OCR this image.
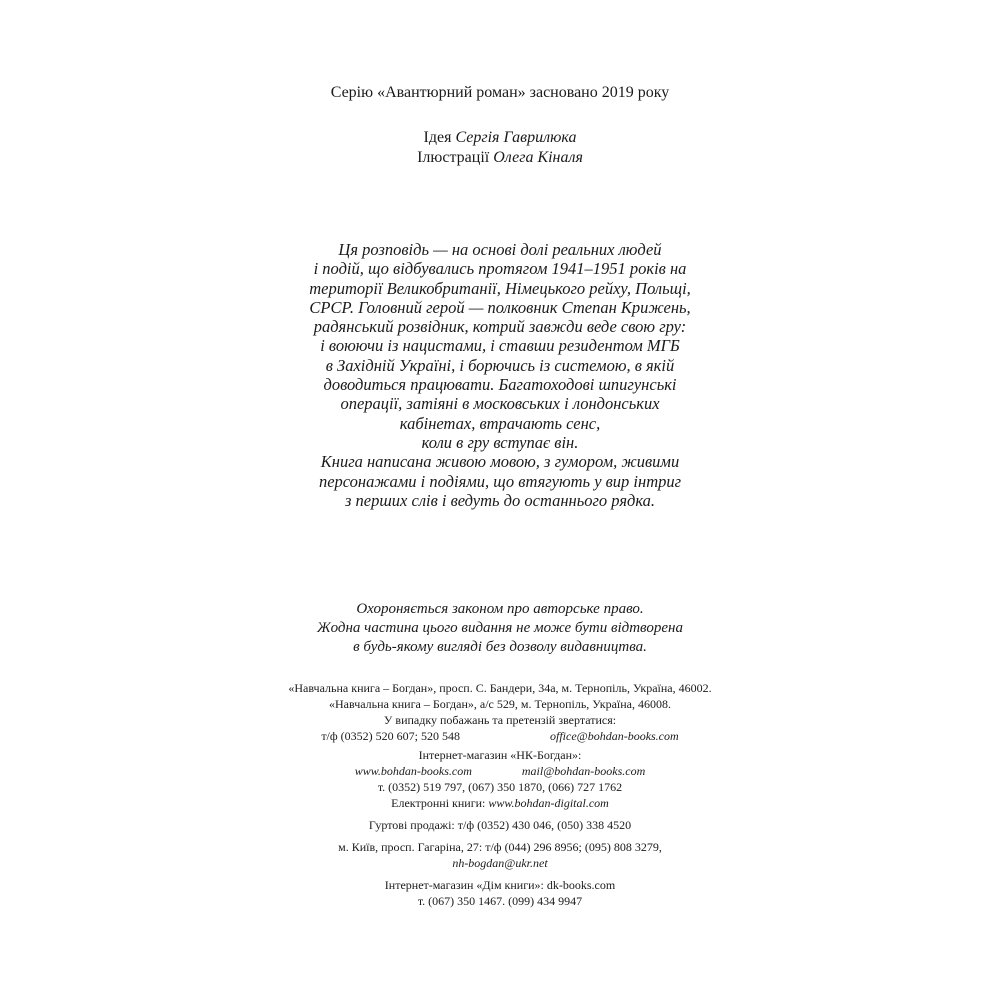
Серію «Авантюрний роман» засновано 2019 року
Ідея Сергія Гаврилюка
Ілюстрації Олега Кіналя
Ця розповідь — на основі долі реальних людей
і подій, що відбувались протягом 1941–1951 років на
території Великобританії, Німецького рейху, Польщі,
СРСР. Головний герой — полковник Степан Крижень,
радянський розвідник, котрий завжди веде свою гру:
і воюючи із нацистами, і ставши резидентом МГБ
в Західній Україні, і борючись із системою, в якій
доводиться працювати. Багатоходові шпигунські
операції, затіяні в московських і лондонських
кабінетах, втрачають сенс,
коли в гру вступає він.
Книга написана живою мовою, з гумором, живими
персонажами і подіями, що втягують у вир інтриг
з перших слів і ведуть до останнього рядка.
Охороняється законом про авторське право.
Жодна частина цього видання не може бути відтворена
в будь-якому вигляді без дозволу видавництва.
«Навчальна книга – Богдан», просп. С. Бандери, 34а, м. Тернопіль, Україна, 46002.
«Навчальна книга – Богдан», а/с 529, м. Тернопіль, Україна, 46008.
У випадку побажань та претензій звертатися:
т/ф (0352) 520 607; 520 548	office@bohdan-books.com
Інтернет-магазин «НК-Богдан»:
www.bohdan-books.com	mail@bohdan-books.com
т. (0352) 519 797, (067) 350 1870, (066) 727 1762
Електронні книги: www.bohdan-digital.com
Гуртові продажі: т/ф (0352) 430 046, (050) 338 4520
м. Київ, просп. Гагаріна, 27: т/ф (044) 296 8956; (095) 808 3279,
nh-bogdan@ukr.net
Інтернет-магазин «Дім книги»: dk-books.com
т. (067) 350 1467. (099) 434 9947
